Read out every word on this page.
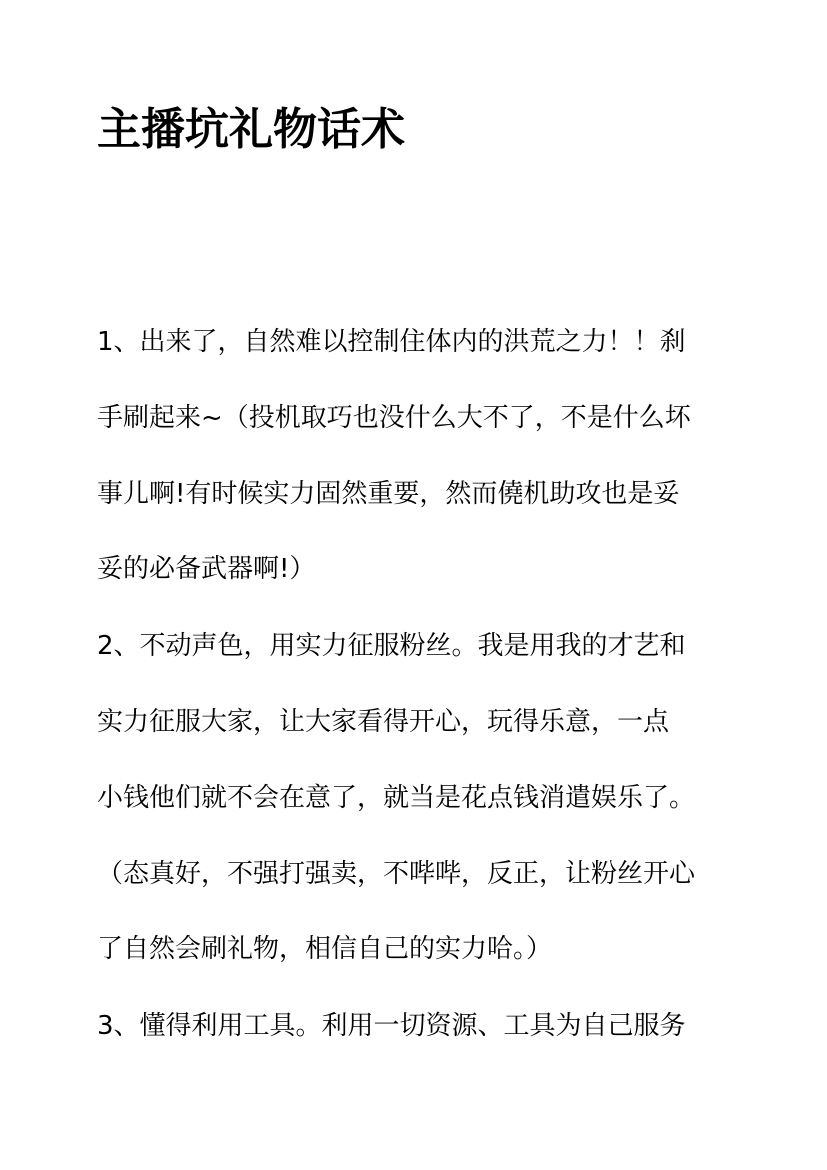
主播坑礼物话术
1、出来了，自然难以控制住体内的洪荒之力！！刹
手刷起来~（投机取巧也没什么大不了，不是什么坏
事儿啊!有时候实力固然重要，然而僥机助攻也是妥
妥的必备武器啊!）
2、不动声色，用实力征服粉丝。我是用我的才艺和
实力征服大家，让大家看得开心，玩得乐意，一点
小钱他们就不会在意了，就当是花点钱消遣娱乐了。
（态真好，不强打强卖，不哔哔，反正，让粉丝开心
了自然会刷礼物，相信自己的实力哈。）
3、懂得利用工具。利用一切资源、工具为自己服务
